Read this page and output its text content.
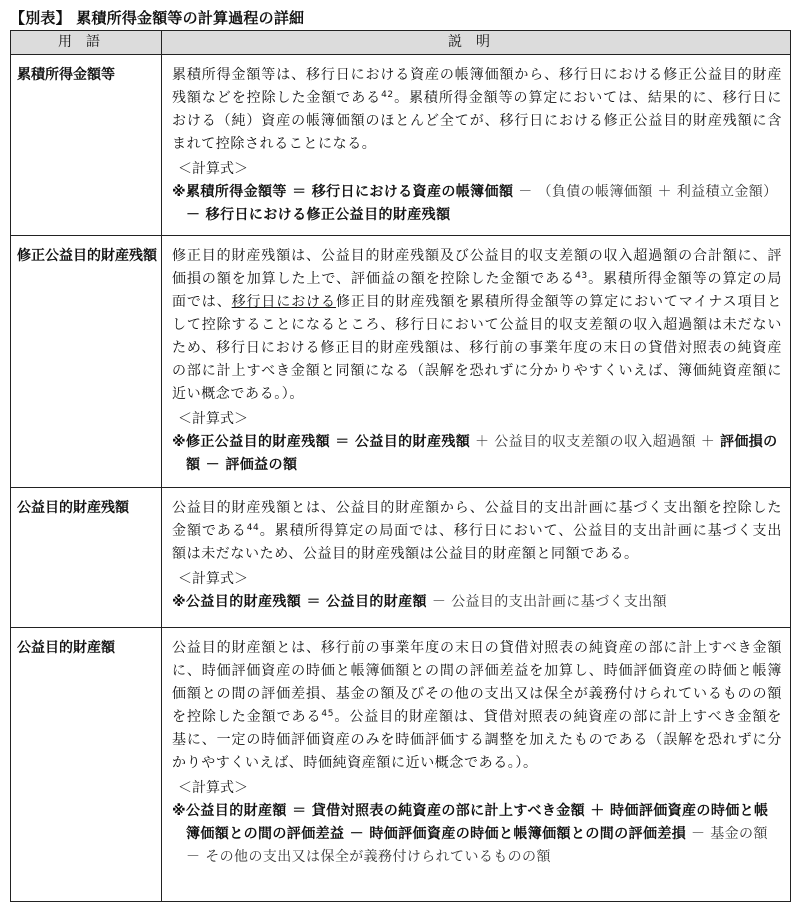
【別表】 累積所得金額等の計算過程の詳細
用語	説明
累積所得金額等	累積所得金額等は、移行日における資産の帳簿価額から、移行日における修正公益目的財産残額などを控除した金額である$^{42}$。累積所得金額等の算定においては、結果的に、移行日における（純）資産の帳簿価額のほとんど全てが、移行日における修正公益目的財産残額に含まれて控除されることになる。

＜計算式＞

※累積所得金額等 ＝ 移行日における資産の帳簿価額 － （負債の帳簿価額 ＋ 利益積立金額） － 移行日における修正公益目的財産残額

修正公益目的財産残額	修正目的財産残額は、公益目的財産残額及び公益目的収支差額の収入超過額の合計額に、評価損の額を加算した上で、評価益の額を控除した金額である$^{43}$。累積所得金額等の算定の局面では、移行日における修正目的財産残額を累積所得金額等の算定においてマイナス項目として控除することになるところ、移行日において公益目的収支差額の収入超過額は未だないため、移行日における修正目的財産残額は、移行前の事業年度の末日の貸借対照表の純資産の部に計上すべき金額と同額になる（誤解を恐れずに分かりやすくいえば、簿価純資産額に近い概念である。）。

＜計算式＞

※修正公益目的財産残額 ＝ 公益目的財産残額 ＋ 公益目的収支差額の収入超過額 ＋ 評価損の額 － 評価益の額

公益目的財産残額	公益目的財産残額とは、公益目的財産額から、公益目的支出計画に基づく支出額を控除した金額である$^{44}$。累積所得算定の局面では、移行日において、公益目的支出計画に基づく支出額は未だないため、公益目的財産残額は公益目的財産額と同額である。

＜計算式＞

※公益目的財産残額 ＝ 公益目的財産額 － 公益目的支出計画に基づく支出額

公益目的財産額	公益目的財産額とは、移行前の事業年度の末日の貸借対照表の純資産の部に計上すべき金額に、時価評価資産の時価と帳簿価額との間の評価差益を加算し、時価評価資産の時価と帳簿価額との間の評価差損、基金の額及びその他の支出又は保全が義務付けられているものの額を控除した金額である$^{45}$。公益目的財産額は、貸借対照表の純資産の部に計上すべき金額を基に、一定の時価評価資産のみを時価評価する調整を加えたものである（誤解を恐れずに分かりやすくいえば、時価純資産額に近い概念である。）。

＜計算式＞

※公益目的財産額 ＝ 貸借対照表の純資産の部に計上すべき金額 ＋ 時価評価資産の時価と帳簿価額との間の評価差益 － 時価評価資産の時価と帳簿価額との間の評価差損 － 基金の額 － その他の支出又は保全が義務付けられているものの額
